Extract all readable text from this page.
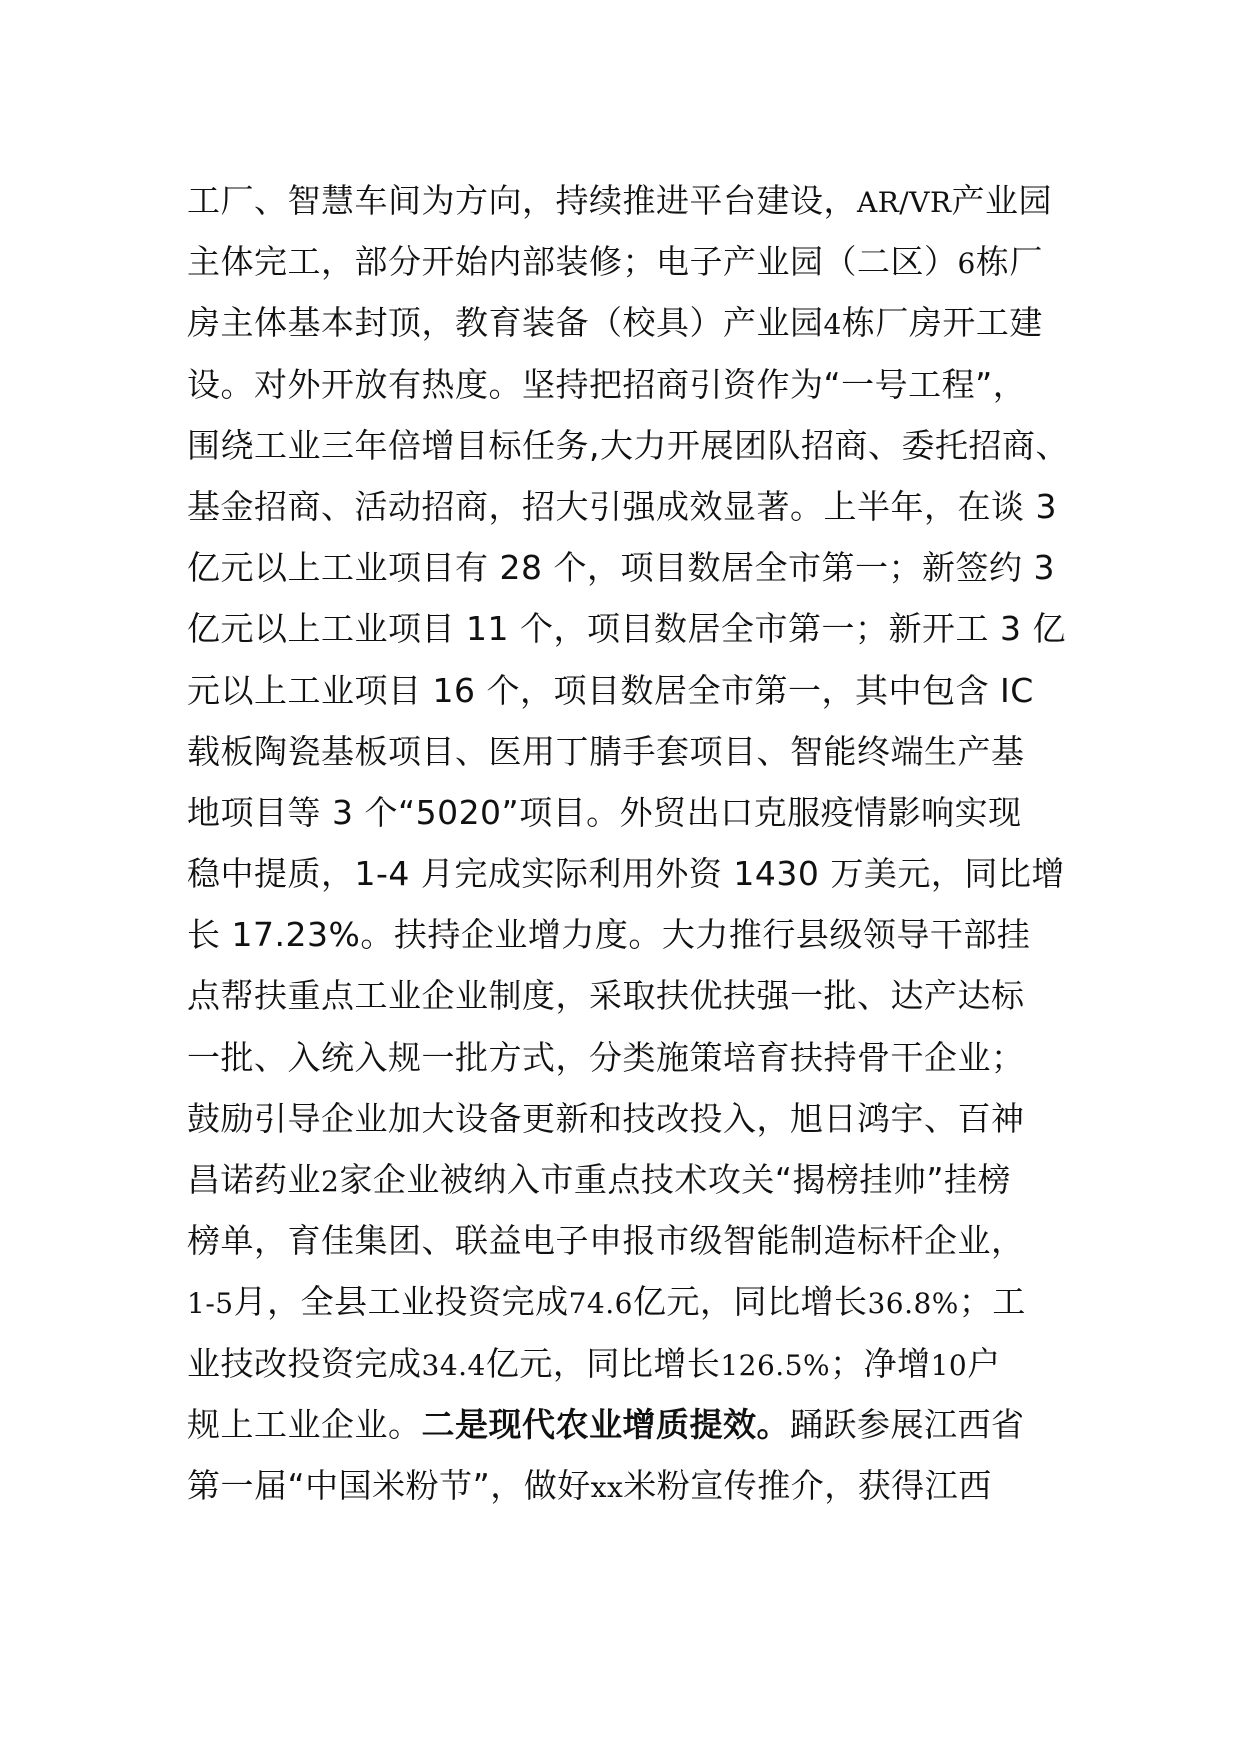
工厂、智慧车间为方向，持续推进平台建设，AR/VR产业园
主体完工，部分开始内部装修；电子产业园（二区）6栋厂
房主体基本封顶，教育装备（校具）产业园4栋厂房开工建
设。对外开放有热度。坚持把招商引资作为“一号工程”，
围绕工业三年倍增目标任务,大力开展团队招商、委托招商、
基金招商、活动招商，招大引强成效显著。上半年，在谈 3
亿元以上工业项目有 28 个，项目数居全市第一；新签约 3
亿元以上工业项目 11 个，项目数居全市第一；新开工 3 亿
元以上工业项目 16 个，项目数居全市第一，其中包含 IC
载板陶瓷基板项目、医用丁腈手套项目、智能终端生产基
地项目等 3 个“5020”项目。外贸出口克服疫情影响实现
稳中提质，1-4 月完成实际利用外资 1430 万美元，同比增
长 17.23%。扶持企业增力度。大力推行县级领导干部挂
点帮扶重点工业企业制度，采取扶优扶强一批、达产达标
一批、入统入规一批方式，分类施策培育扶持骨干企业；
鼓励引导企业加大设备更新和技改投入，旭日鸿宇、百神
昌诺药业2家企业被纳入市重点技术攻关“揭榜挂帅”挂榜
榜单，育佳集团、联益电子申报市级智能制造标杆企业，
1-5月，全县工业投资完成74.6亿元，同比增长36.8%；工
业技改投资完成34.4亿元，同比增长126.5%；净增10户
规上工业企业。二是现代农业增质提效。踊跃参展江西省
第一届“中国米粉节”，做好xx米粉宣传推介，获得江西
